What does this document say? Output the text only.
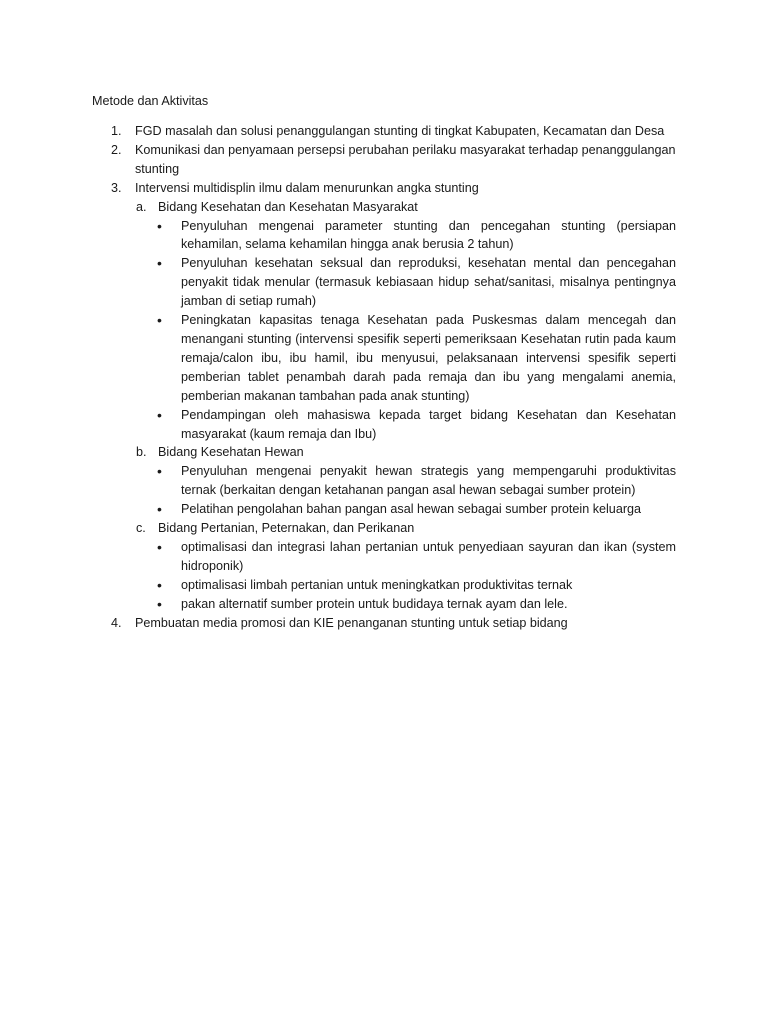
Metode dan Aktivitas
1. FGD masalah dan solusi penanggulangan stunting di tingkat Kabupaten, Kecamatan dan Desa
2. Komunikasi dan penyamaan persepsi perubahan perilaku masyarakat terhadap penanggulangan stunting
3. Intervensi multidisplin ilmu dalam menurunkan angka stunting
a. Bidang Kesehatan dan Kesehatan Masyarakat
• Penyuluhan mengenai parameter stunting dan pencegahan stunting (persiapan kehamilan, selama kehamilan hingga anak berusia 2 tahun)
• Penyuluhan kesehatan seksual dan reproduksi, kesehatan mental dan pencegahan penyakit tidak menular (termasuk kebiasaan hidup sehat/sanitasi, misalnya pentingnya jamban di setiap rumah)
• Peningkatan kapasitas tenaga Kesehatan pada Puskesmas dalam mencegah dan menangani stunting (intervensi spesifik seperti pemeriksaan Kesehatan rutin pada kaum remaja/calon ibu, ibu hamil, ibu menyusui, pelaksanaan intervensi spesifik seperti pemberian tablet penambah darah pada remaja dan ibu yang mengalami anemia, pemberian makanan tambahan pada anak stunting)
• Pendampingan oleh mahasiswa kepada target bidang Kesehatan dan Kesehatan masyarakat (kaum remaja dan Ibu)
b. Bidang Kesehatan Hewan
• Penyuluhan mengenai penyakit hewan strategis yang mempengaruhi produktivitas ternak (berkaitan dengan ketahanan pangan asal hewan sebagai sumber protein)
• Pelatihan pengolahan bahan pangan asal hewan sebagai sumber protein keluarga
c. Bidang Pertanian, Peternakan, dan Perikanan
• optimalisasi dan integrasi lahan pertanian untuk penyediaan sayuran dan ikan (system hidroponik)
• optimalisasi limbah pertanian untuk meningkatkan produktivitas ternak
• pakan alternatif sumber protein untuk budidaya ternak ayam dan lele.
4. Pembuatan media promosi dan KIE penanganan stunting untuk setiap bidang
